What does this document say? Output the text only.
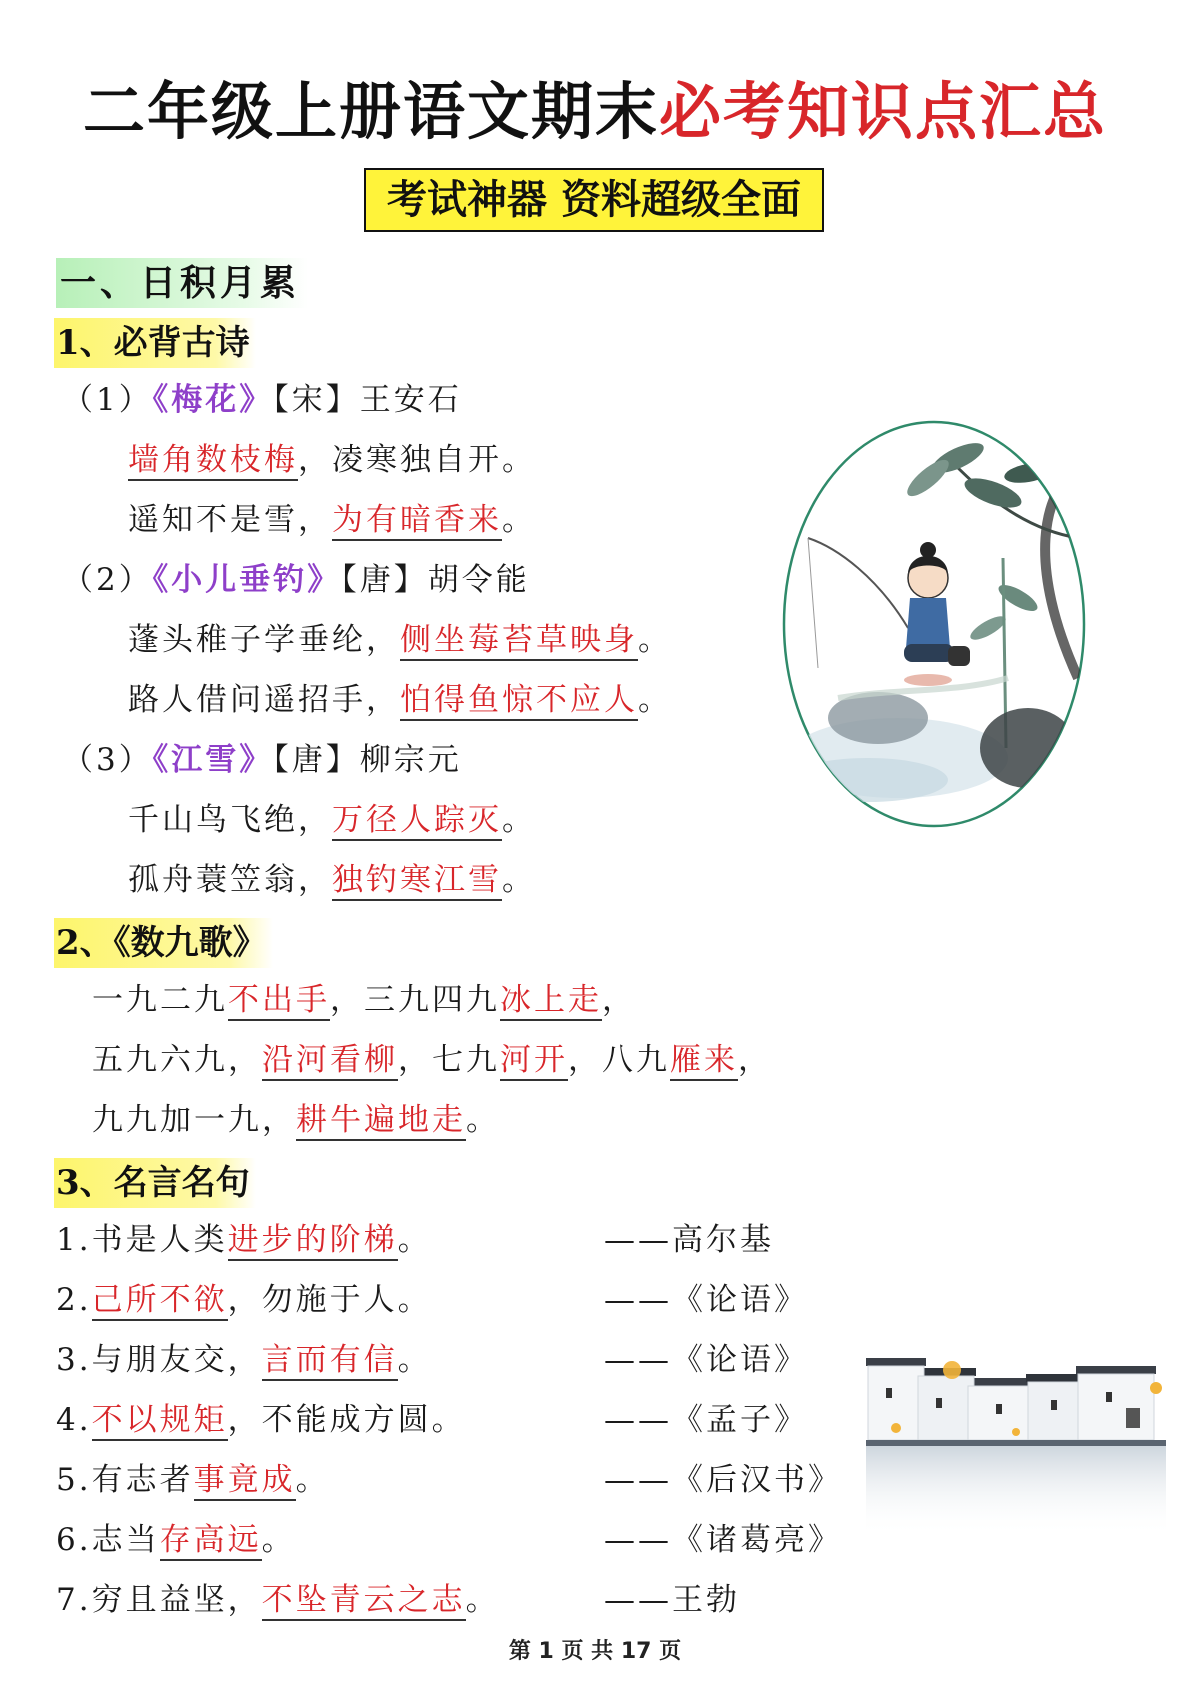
二年级上册语文期末必考知识点汇总
考试神器 资料超级全面
一、日积月累
1、必背古诗
（1）《梅花》【宋】王安石
墙角数枝梅，凌寒独自开。
遥知不是雪，为有暗香来。
（2）《小儿垂钓》【唐】胡令能
蓬头稚子学垂纶，侧坐莓苔草映身。
路人借问遥招手，怕得鱼惊不应人。
（3）《江雪》【唐】柳宗元
千山鸟飞绝，万径人踪灭。
孤舟蓑笠翁，独钓寒江雪。
2、《数九歌》
一九二九不出手，三九四九冰上走，
五九六九，沿河看柳，七九河开，八九雁来，
九九加一九，耕牛遍地走。
3、名言名句
1.书是人类进步的阶梯。	——高尔基
2.己所不欲，勿施于人。	——《论语》
3.与朋友交，言而有信。	——《论语》
4.不以规矩，不能成方圆。	——《孟子》
5.有志者事竟成。	——《后汉书》
6.志当存高远。	——《诸葛亮》
7.穷且益坚，不坠青云之志。	——王勃
第 1 页 共 17 页
